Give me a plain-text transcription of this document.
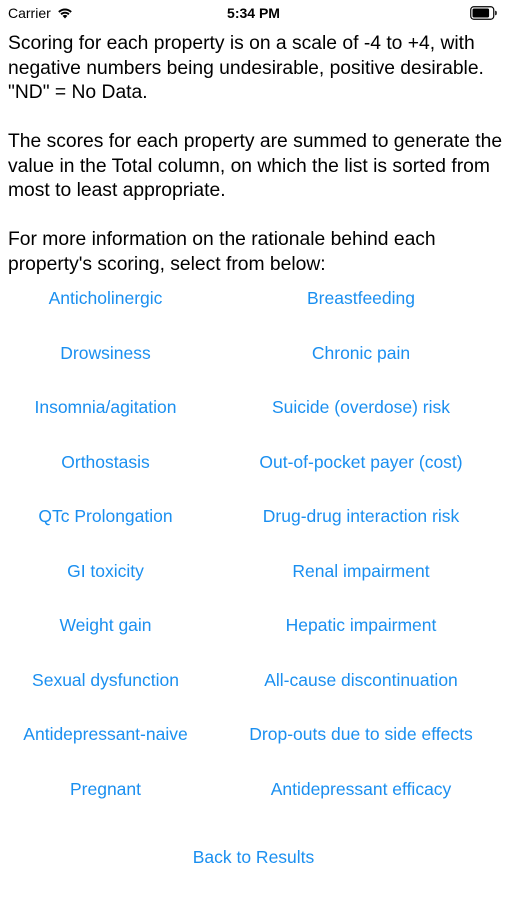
Carrier	5:34 PM

Scoring for each property is on a scale of -4 to +4, with negative numbers being undesirable, positive desirable. "ND" = No Data.

The scores for each property are summed to generate the value in the Total column, on which the list is sorted from most to least appropriate.

For more information on the rationale behind each property's scoring, select from below:

Anticholinergic	Breastfeeding
Drowsiness	Chronic pain
Insomnia/agitation	Suicide (overdose) risk
Orthostasis	Out-of-pocket payer (cost)
QTc Prolongation	Drug-drug interaction risk
GI toxicity	Renal impairment
Weight gain	Hepatic impairment
Sexual dysfunction	All-cause discontinuation
Antidepressant-naive	Drop-outs due to side effects
Pregnant	Antidepressant efficacy
Back to Results
